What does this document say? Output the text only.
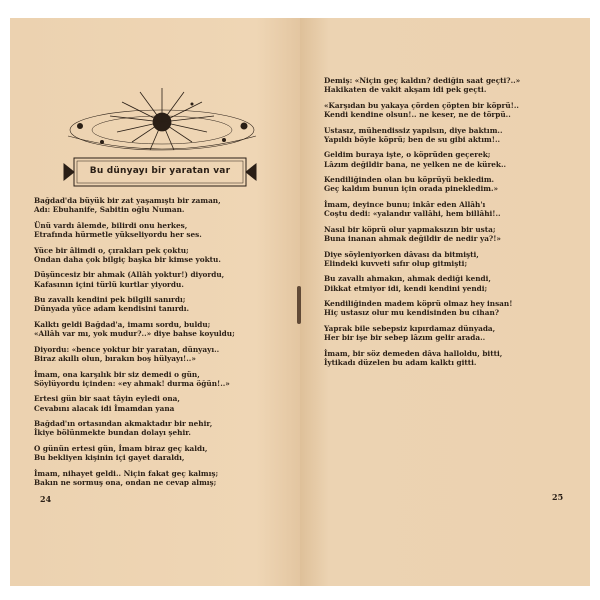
Bu dünyayı bir yaratan var
Bağdad'da büyük bir zat yaşamıştı bir zaman,
Adı: Ebuhanife, Sabitin oğlu Numan.
Ünü vardı âlemde, bilirdi onu herkes,
Etrafında hürmetle yükseliyordu her ses.
Yüce bir âlimdi o, çırakları pek çoktu;
Ondan daha çok bilgiç başka bir kimse yoktu.
Düşüncesiz bir ahmak (Allâh yoktur!) diyordu,
Kafasının içini türlü kurtlar yiyordu.
Bu zavallı kendini pek bilgili sanırdı;
Dünyada yüce adam kendisini tanırdı.
Kalktı geldi Bağdad'a, imamı sordu, buldu;
«Allâh var mı, yok mudur?..» diye bahse koyuldu;
Diyordu: «bence yoktur bir yaratan, dünyayı..
Biraz akıllı olun, bırakın boş hülyayı!..»
İmam, ona karşılık bir siz demedi o gün,
Söylüyordu içinden: «ey ahmak! durma öğün!..»
Ertesi gün bir saat tâyin eyledi ona,
Cevabını alacak idi İmamdan yana
Bağdad'ın ortasından akmaktadır bir nehir,
İkiye bölünmekte bundan dolayı şehir.
O günün ertesi gün, İmam biraz geç kaldı,
Bu bekliyen kişinin içi gayet daraldı,
İmam, nihayet geldi.. Niçin fakat geç kalmış;
Bakın ne sormuş ona, ondan ne cevap almış;
24
Demiş: «Niçin geç kaldın? dediğin saat geçti?..»
Hakikaten de vakit akşam idi pek geçti.
«Karşıdan bu yakaya çörden çöpten bir köprü!..
Kendi kendine olsun!.. ne keser, ne de törpü..
Ustasız, mühendissiz yapılsın, diye baktım..
Yapıldı böyle köprü; ben de su gibi aktım!..
Geldim buraya işte, o köprüden geçerek;
Lâzım değildir bana, ne yelken ne de kürek..
Kendiliğinden olan bu köprüyü bekledim.
Geç kaldım bunun için orada pinekledim.»
İmam, deyince bunu; inkâr eden Allâh'ı
Coştu dedi: «yalandır vallâhi, hem billâhi!..
Nasıl bir köprü olur yapmaksızın bir usta;
Buna inanan ahmak değildir de nedir ya?!»
Diye söyleniyorken dâvası da bitmişti,
Elindeki kuvveti sıfır olup gitmişti;
Bu zavallı ahmakın, ahmak dediği kendi,
Dikkat etmiyor idi, kendi kendini yendi;
Kendiliğinden madem köprü olmaz hey insan!
Hiç ustasız olur mu kendisinden bu cihan?
Yaprak bile sebepsiz kıpırdamaz dünyada,
Her bir işe bir sebep lâzım gelir arada..
İmam, bir söz demeden dâva halloldu, bitti,
İytikadı düzelen bu adam kalktı gitti.
25
